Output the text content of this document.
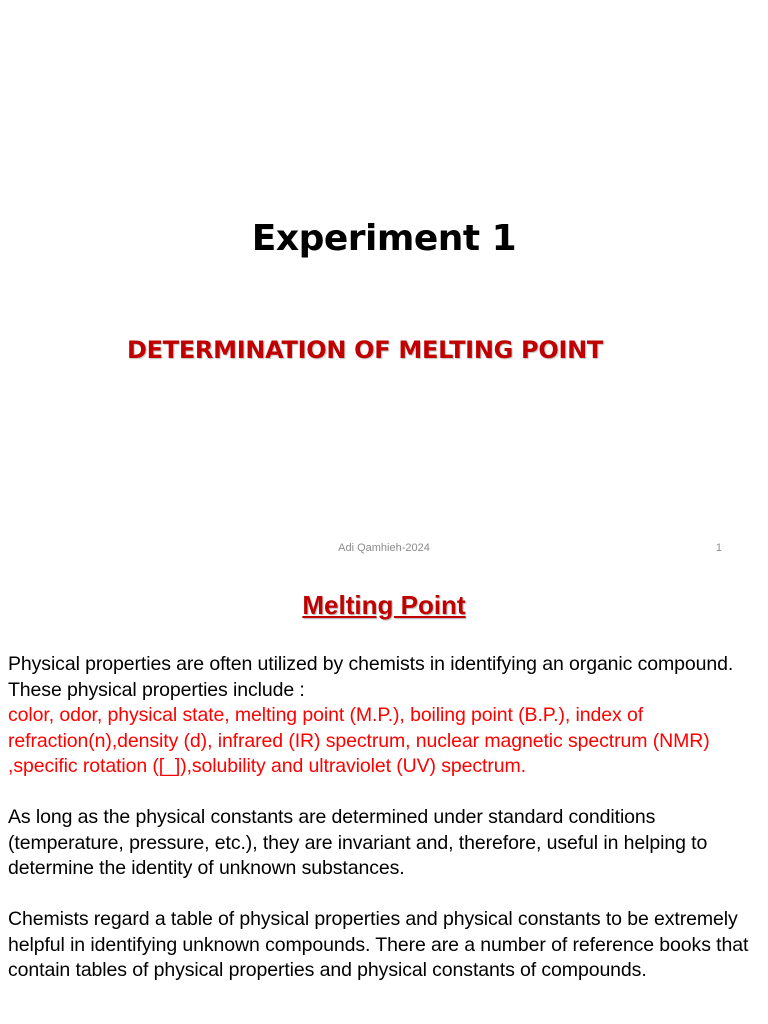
Experiment 1
DETERMINATION OF MELTING POINT
Adi Qamhieh-2024	1
Melting Point

Physical properties are often utilized by chemists in identifying an organic compound. These physical properties include :

color, odor, physical state, melting point (M.P.), boiling point (B.P.), index of refraction(n),density (d), infrared (IR) spectrum, nuclear magnetic spectrum (NMR) ,specific rotation ([_]),solubility and ultraviolet (UV) spectrum.

As long as the physical constants are determined under standard conditions (temperature, pressure, etc.), they are invariant and, therefore, useful in helping to determine the identity of unknown substances.

Chemists regard a table of physical properties and physical constants to be extremely helpful in identifying unknown compounds. There are a number of reference books that contain tables of physical properties and physical constants of compounds.
